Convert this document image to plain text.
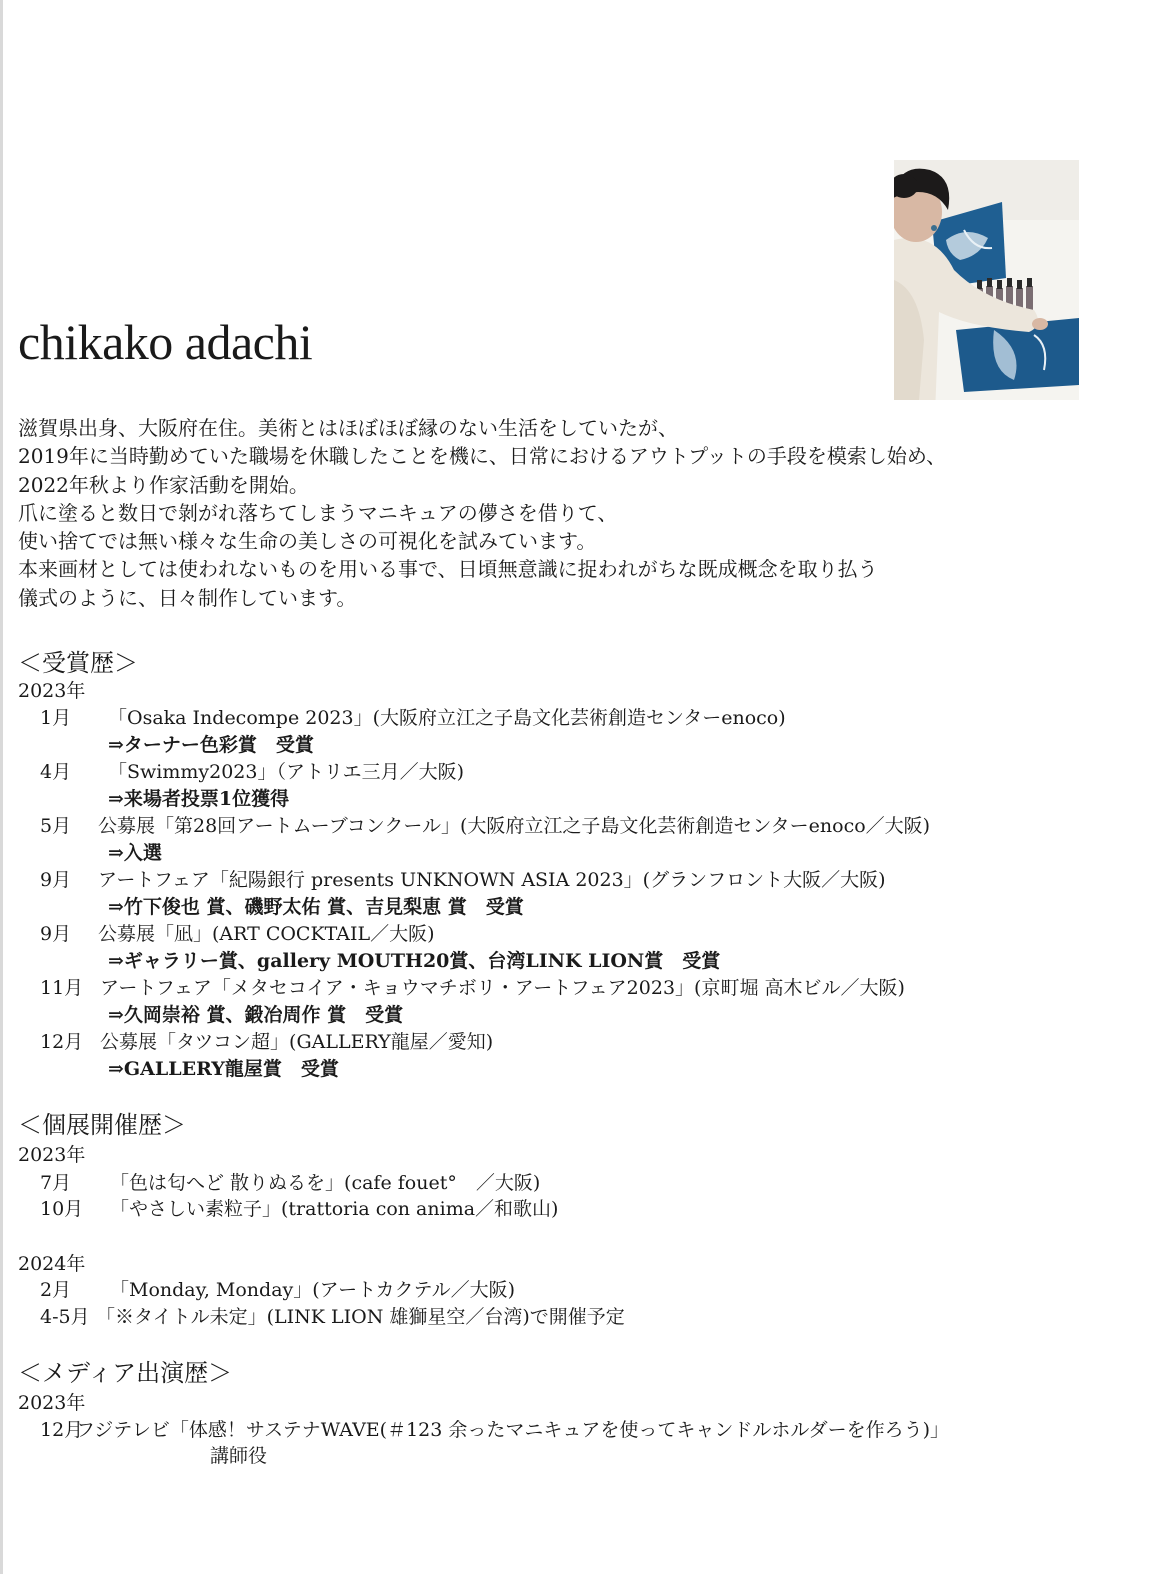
chikako adachi
滋賀県出身、大阪府在住。美術とはほぼほぼ縁のない生活をしていたが、
2019年に当時勤めていた職場を休職したことを機に、日常におけるアウトプットの手段を模索し始め、
2022年秋より作家活動を開始。
爪に塗ると数日で剝がれ落ちてしまうマニキュアの儚さを借りて、
使い捨てでは無い様々な生命の美しさの可視化を試みています。
本来画材としては使われないものを用いる事で、日頃無意識に捉われがちな既成概念を取り払う
儀式のように、日々制作しています。
＜受賞歴＞
2023年
1月 「Osaka Indecompe 2023」(大阪府立江之子島文化芸術創造センターenoco)
⇒ターナー色彩賞　受賞
4月 「Swimmy2023」（アトリエ三月／大阪)
⇒来場者投票1位獲得
5月 公募展「第28回アートムーブコンクール」(大阪府立江之子島文化芸術創造センターenoco／大阪)
⇒入選
9月 アートフェア「紀陽銀行 presents UNKNOWN ASIA 2023」(グランフロント大阪／大阪)
⇒竹下俊也 賞、磯野太佑 賞、吉見梨恵 賞　受賞
9月 公募展「凪」(ART COCKTAIL／大阪)
⇒ギャラリー賞、gallery MOUTH20賞、台湾LINK LION賞　受賞
11月 アートフェア「メタセコイア・キョウマチボリ・アートフェア2023」(京町堀 高木ビル／大阪)
⇒久岡崇裕 賞、鍛冶周作 賞　受賞
12月 公募展「タツコン超」(GALLERY龍屋／愛知)
⇒GALLERY龍屋賞　受賞
＜個展開催歴＞
2023年
7月 「色は匂へど 散りぬるを」(cafe fouet°　／大阪)
10月 「やさしい素粒子」(trattoria con anima／和歌山)
2024年
2月 「Monday, Monday」(アートカクテル／大阪)
4-5月 「※タイトル未定」(LINK LION 雄獅星空／台湾)で開催予定
＜メディア出演歴＞
2023年
12月
フジテレビ「体感！サステナWAVE(＃123 余ったマニキュアを使ってキャンドルホルダーを作ろう)」
講師役
